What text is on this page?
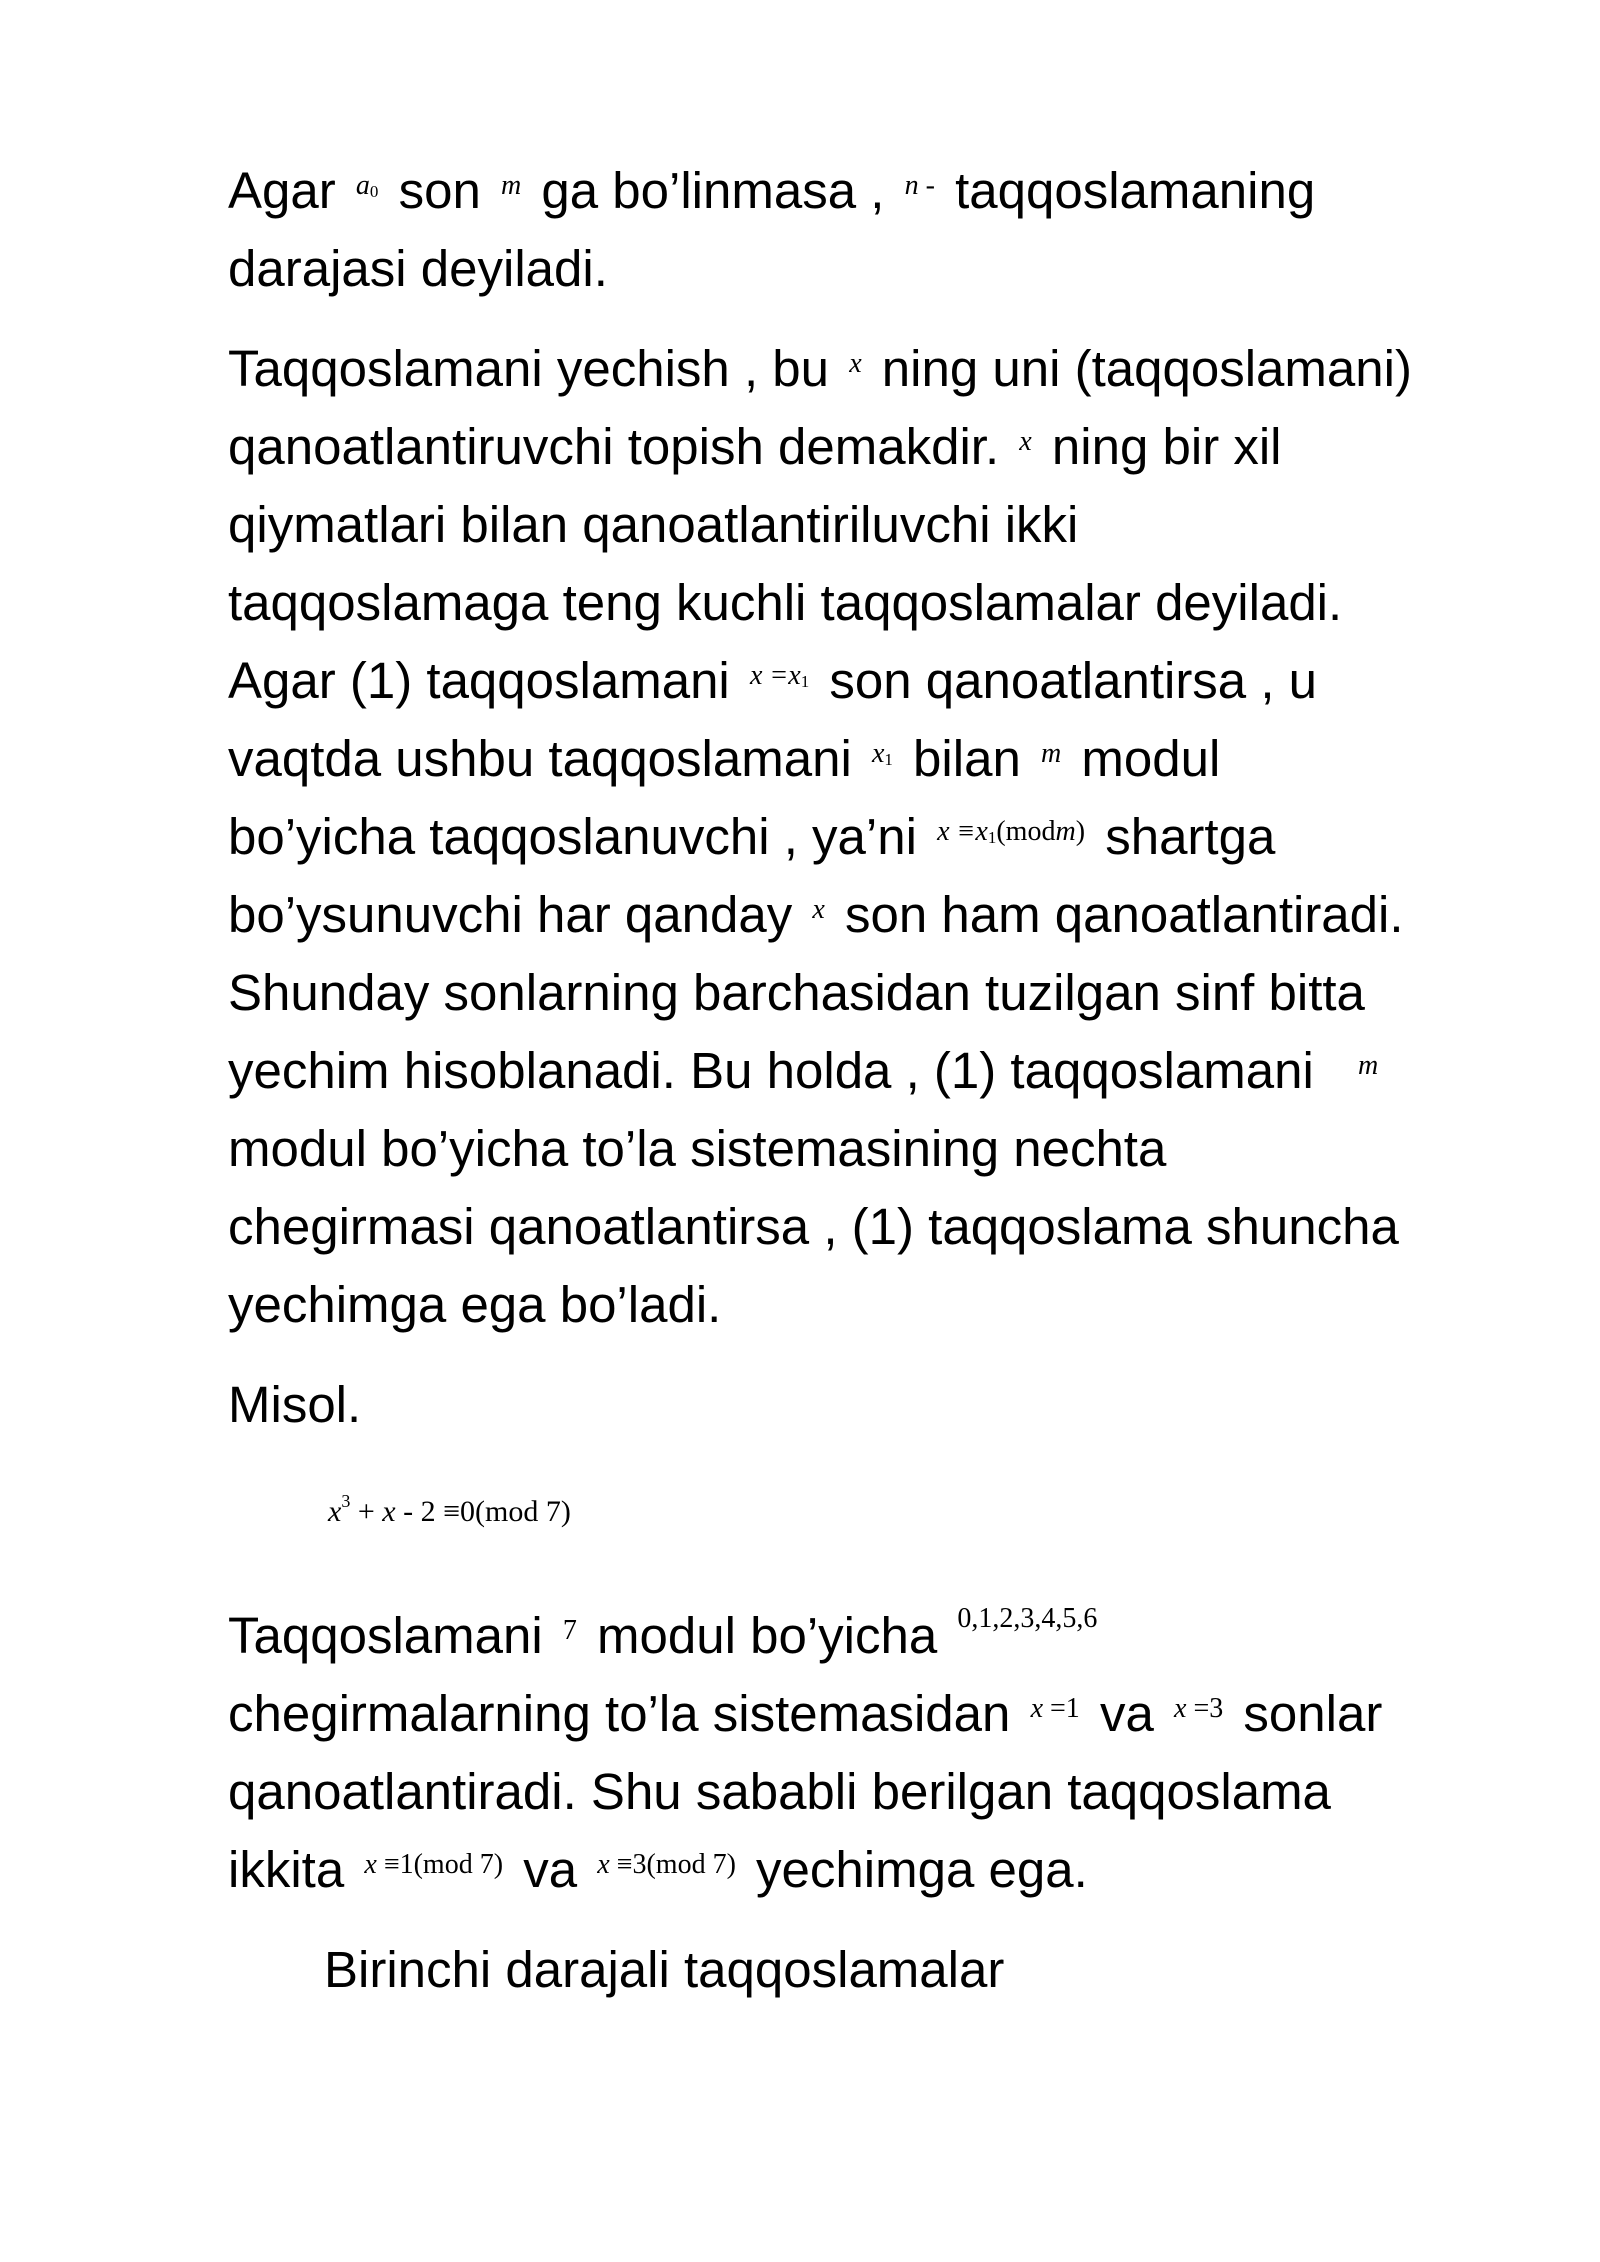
Agar $a_0$ son m ga bo’linmasa , n - taqqoslamaning

darajasi deyiladi.

Taqqoslamani yechish , bu x ning uni (taqqoslamani)

qanoatlantiruvchi topish demakdir. x ning bir xil

qiymatlari bilan qanoatlantiriluvchi ikki

taqqoslamaga teng kuchli taqqoslamalar deyiladi.

Agar (1) taqqoslamani $x =x_1$ son qanoatlantirsa , u

vaqtda ushbu taqqoslamani $x_1$ bilan m modul

bo’yicha taqqoslanuvchi , ya’ni $x \equiv x_1(modm)$ shartga

bo’ysunuvchi har qanday x son ham qanoatlantiradi.

Shunday sonlarning barchasidan tuzilgan sinf bitta

yechim hisoblanadi. Bu holda , (1) taqqoslamani m

modul bo’yicha to’la sistemasining nechta

chegirmasi qanoatlantirsa , (1) taqqoslama shuncha

yechimga ega bo’ladi.

Misol.

$x^3 + x - 2 \equiv 0(mod$ 7)

Taqqoslamani 7 modul bo’yicha 0,1,2,3,4,5,6

chegirmalarning to’la sistemasidan x =1 va x =3 sonlar

qanoatlantiradi. Shu sababli berilgan taqqoslama

ikkita x ≡1(mod 7) va x ≡3(mod 7) yechimga ega.

Birinchi darajali taqqoslamalar
